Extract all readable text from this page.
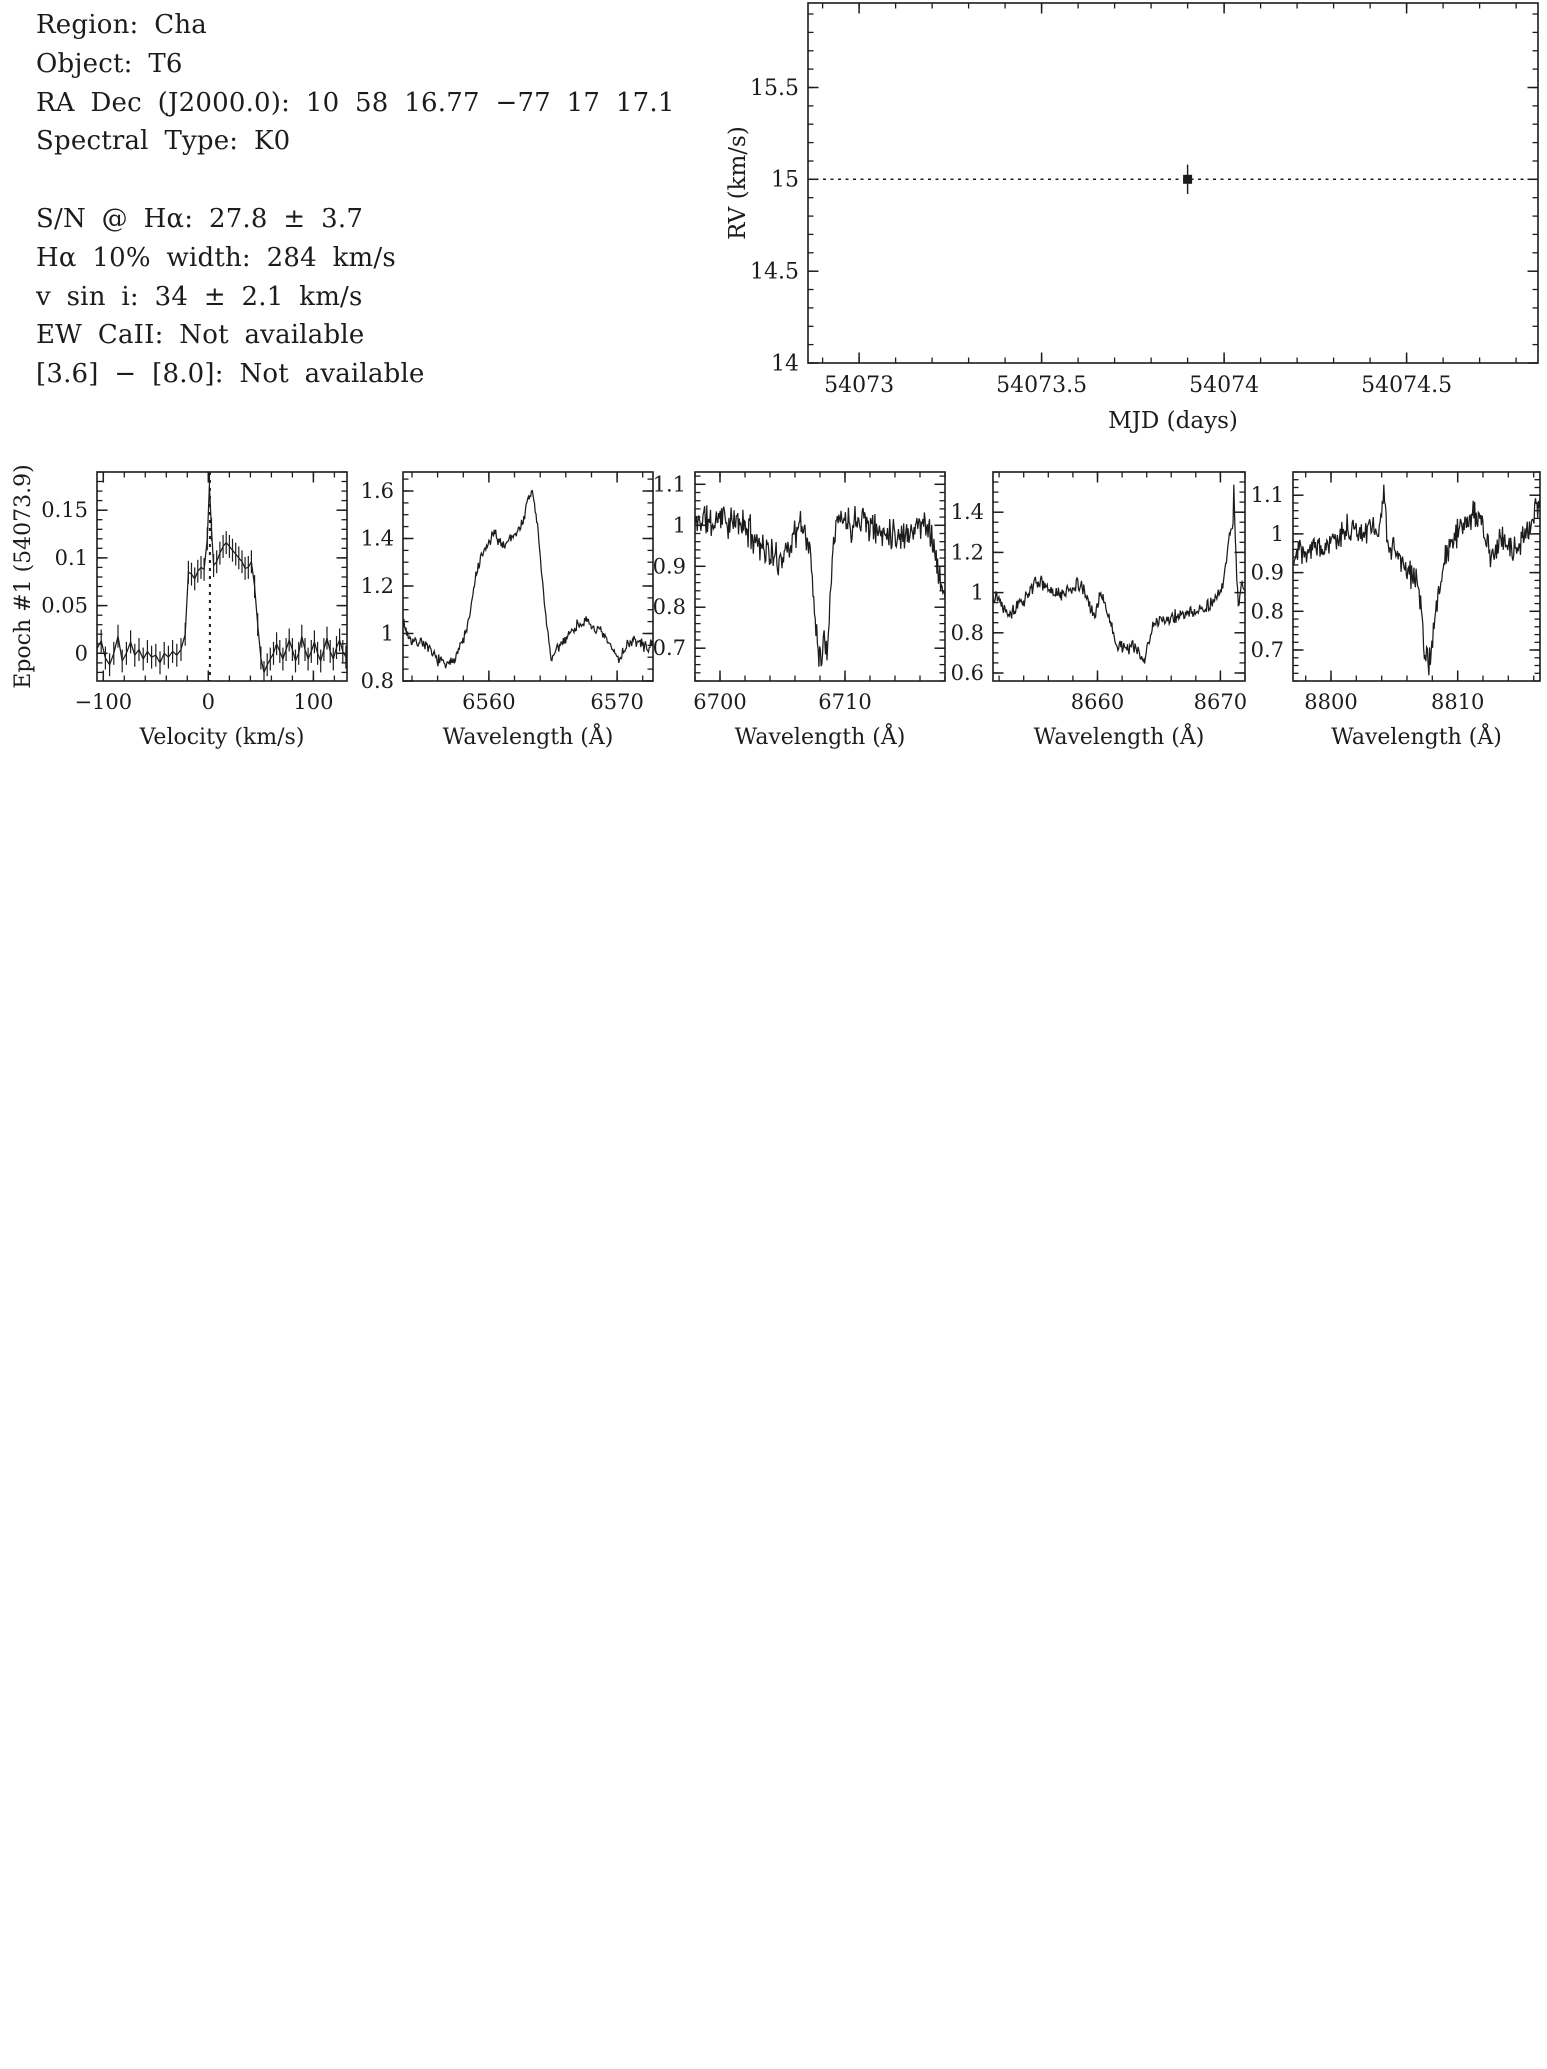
Region: Cha
Object: T6
RA Dec (J2000.0): 10 58 16.77 −77 17 17.1
Spectral Type: K0
S/N @ Hα: 27.8 ± 3.7
Hα 10% width: 284 km/s
v sin i: 34 ± 2.1 km/s
EW CaII: Not available
[3.6] − [8.0]: Not available	54073	54073.5	54074	54074.5
14
14.5
15
15.5
MJD (days)
RV (km/s)
−100	0	100
0
0.05
0.1
0.15
Velocity (km/s)
Epoch #1 (54073.9)
6560	6570
0.8
1
1.2
1.4
1.6
Wavelength (Å)
6700	6710
0.7
0.8
0.9
1
1.1
Wavelength (Å)
8660	8670
0.6
0.8
1
1.2
1.4
Wavelength (Å)
8800	8810
0.7
0.8
0.9
1
1.1
Wavelength (Å)
